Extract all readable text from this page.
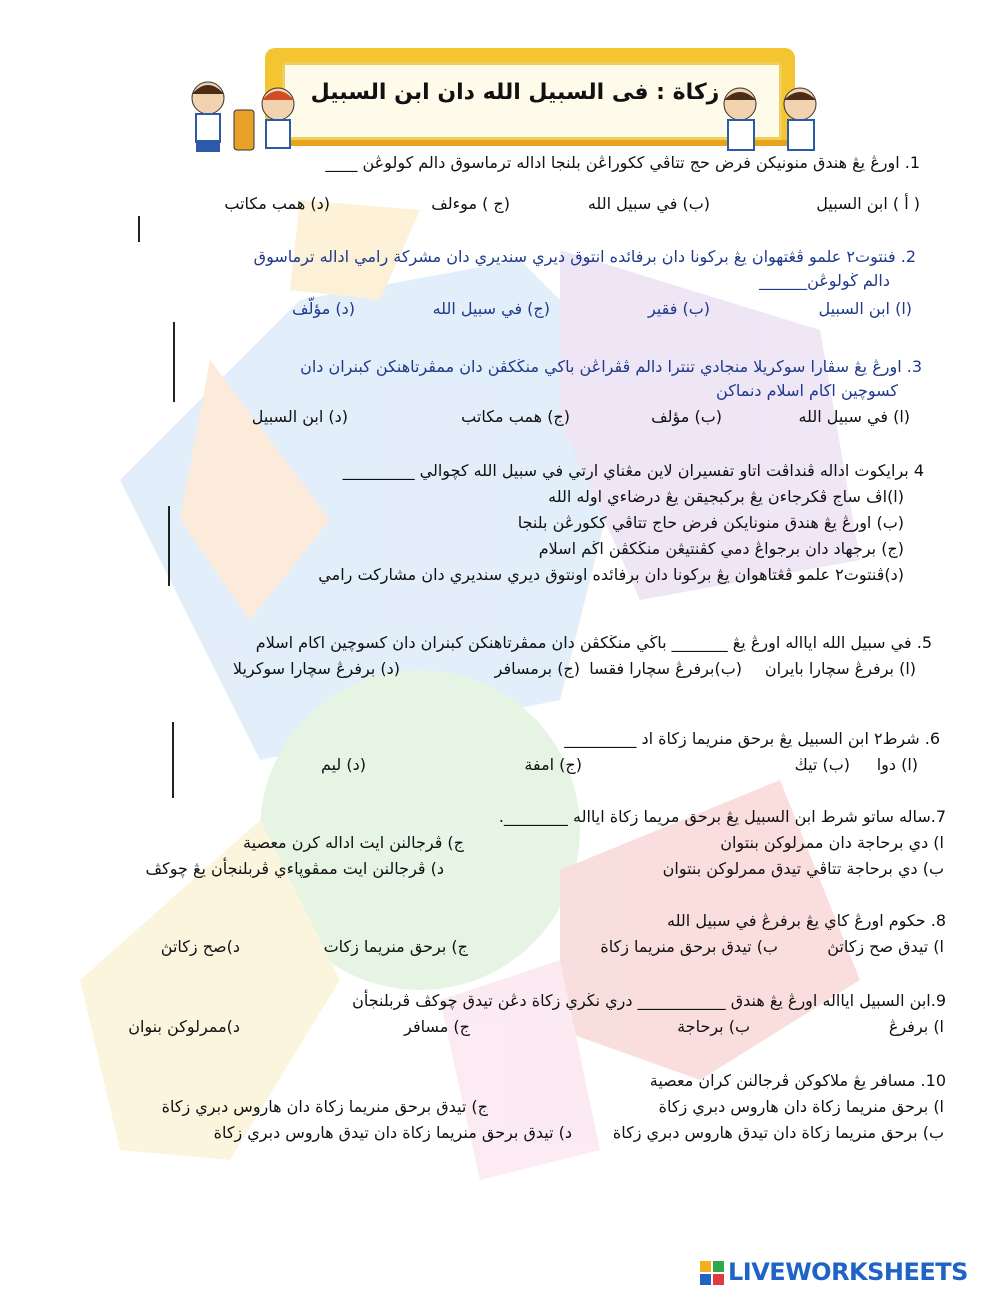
زكاة : فى السبيل الله دان ابن السبيل
1. اورڠ يڠ هندق منونيكن فرض حج تتاڤي ككوراڠن بلنجا اداله ترماسوق دالم كولوڠن ____
( أ ) ابن السبيل
(ب) في سبيل الله
(ج ) موءلف
(د) همب مكاتب
2. فنتوت٢ علمو ڤڠتهوان يڠ بركونا دان برفائده انتوق ديري سنديري دان مشركة رامي اداله ترماسوق
دالم ڬولوڠن______
(ا) ابن السبيل
(ب) فقير
(ج) في سبيل الله
(د) مؤلّف
3. اورڠ يڠ سڤارا سوكريلا منجادي تنترا دالم ڤڨراڠن باكي منڬكڨن دان ممڤرتاهنكن كبنران دان
كسوچين اكام اسلام دنماكن
(ا) في سبيل الله
(ب) مؤلف
(ج) همب مكاتب
(د) ابن السبيل
4 برايكوت اداله ڤنداڤت اتاو تفسيران لاين مڠناي ارتي في سبيل الله كچوالي _________
(ا)اڤ ساج ڤكرجاءن يڠ بركبجيقن يڠ درضاءي اوله الله
(ب) اورڠ يڠ هندق منونايكن فرض حاج تتاڤي ككورڠن بلنجا
(ج) برجهاد دان برجواڠ دمي كڤنتيڠن منڬكڨن اڬم اسلام
(د)ڤنتوت٢ علمو ڤڠتاهوان يڠ بركونا دان برفائده اونتوق ديري سنديري دان مشاركت رامي
5. في سبيل الله ايااله اورڠ يڠ _______ باڬي منڬكڨن دان ممڤرتاهنكن كبنران دان كسوچين اكام اسلام
(ا) برفرڠ سچارا بايران
(ب)برفرڠ سچارا فقسا
(ج) برمسافر
(د) برفرڠ سچارا سوكريلا
6. شرط٢ ابن السبيل يڠ برحق منريما زكاة اد _________
(ا) دوا
(ب) تيڬ
(ج) امفة
(د) ليم
7.ساله ساتو شرط ابن السبيل يڠ برحق مريما زكاة ايااله ________.
ا) دي برحاجة دان ممرلوكن بنتوان
ج) ڤرجالنن ايت اداله كرن معصية
ب) دي برحاجة تتاڤي تيدق ممرلوكن بنتوان
د) ڤرجالنن ايت ممڤوڽاءي ڤربلنجأن يڠ چوكڤ
8. حكوم اورڠ كاي يڠ برفرڠ في سبيل الله
ا) تيدق صح زكاتڽ
ب) تيدق برحق منريما زكاة
ج) برحق منريما زكات
د)صح زكاتڽ
9.ابن السبيل ايااله اورڠ يڠ هندق ___________ دري نڬري زكاة دڠن تيدق چوكڤ ڤربلنجأن
ا) برفرڠ
ب) برحاجة
ج) مسافر
د)ممرلوكن بنوان
10. مسافر يڠ ملاكوكن ڤرجالنن كران معصية
ا) برحق منريما زكاة دان هاروس دبري زكاة
ج) تيدق برحق منريما زكاة دان هاروس دبري زكاة
ب) برحق منريما زكاة دان تيدق هاروس دبري زكاة
د) تيدق برحق منريما زكاة دان تيدق هاروس دبري زكاة
LIVEWORKSHEETS
